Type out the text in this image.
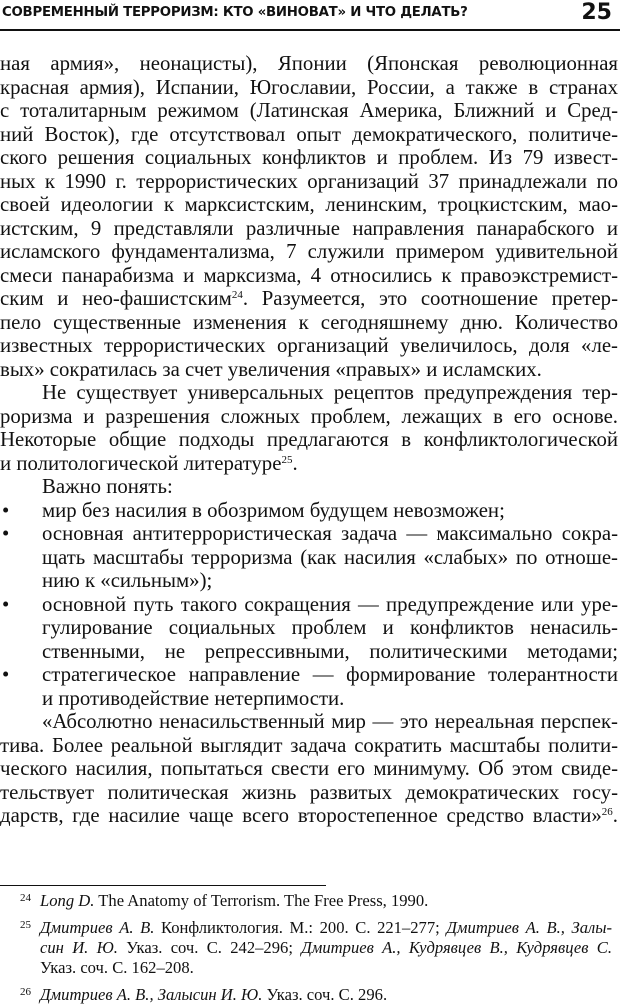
СОВРЕМЕННЫЙ ТЕРРОРИЗМ: КТО «ВИНОВАТ» И ЧТО ДЕЛАТЬ?	25
ная армия», неонацисты), Японии (Японская революционная
красная армия), Испании, Югославии, России, а также в странах
с тоталитарным режимом (Латинская Америка, Ближний и Сред-
ний Восток), где отсутствовал опыт демократического, политиче-
ского решения социальных конфликтов и проблем. Из 79 извест-
ных к 1990 г. террористических организаций 37 принадлежали по
своей идеологии к марксистским, ленинским, троцкистским, мао-
истским, 9 представляли различные направления панарабского и
исламского фундаментализма, 7 служили примером удивительной
смеси панарабизма и марксизма, 4 относились к правоэкстремист-
ским и нео-фашистским$^{24}$. Разумеется, это соотношение претер-
пело существенные изменения к сегодняшнему дню. Количество
известных террористических организаций увеличилось, доля «ле-
вых» сократилась за счет увеличения «правых» и исламских.
Не существует универсальных рецептов предупреждения тер-
роризма и разрешения сложных проблем, лежащих в его основе.
Некоторые общие подходы предлагаются в конфликтологической
и политологической литературе$^{25}$.
Важно понять:
• мир без насилия в обозримом будущем невозможен;
• основная антитеррористическая задача — максимально сокра-
щать масштабы терроризма (как насилия «слабых» по отноше-
нию к «сильным»);
• основной путь такого сокращения — предупреждение или уре-
гулирование социальных проблем и конфликтов ненасиль-
ственными, не репрессивными, политическими методами;
• стратегическое направление — формирование толерантности
и противодействие нетерпимости.
«Абсолютно ненасильственный мир — это нереальная перспек-
тива. Более реальной выглядит задача сократить масштабы полити-
ческого насилия, попытаться свести его минимуму. Об этом свиде-
тельствует политическая жизнь развитых демократических госу-
дарств, где насилие чаще всего второстепенное средство власти»$^{26}$.
24 Long D. The Anatomy of Terrorism. The Free Press, 1990.
25 Дмитриев А. В. Конфликтология. М.: 200. С. 221–277; Дмитриев А. В., Залы-
син И. Ю. Указ. соч. С. 242–296; Дмитриев А., Кудрявцев В., Кудрявцев С.
Указ. соч. С. 162–208.
26 Дмитриев А. В., Залысин И. Ю. Указ. соч. С. 296.
